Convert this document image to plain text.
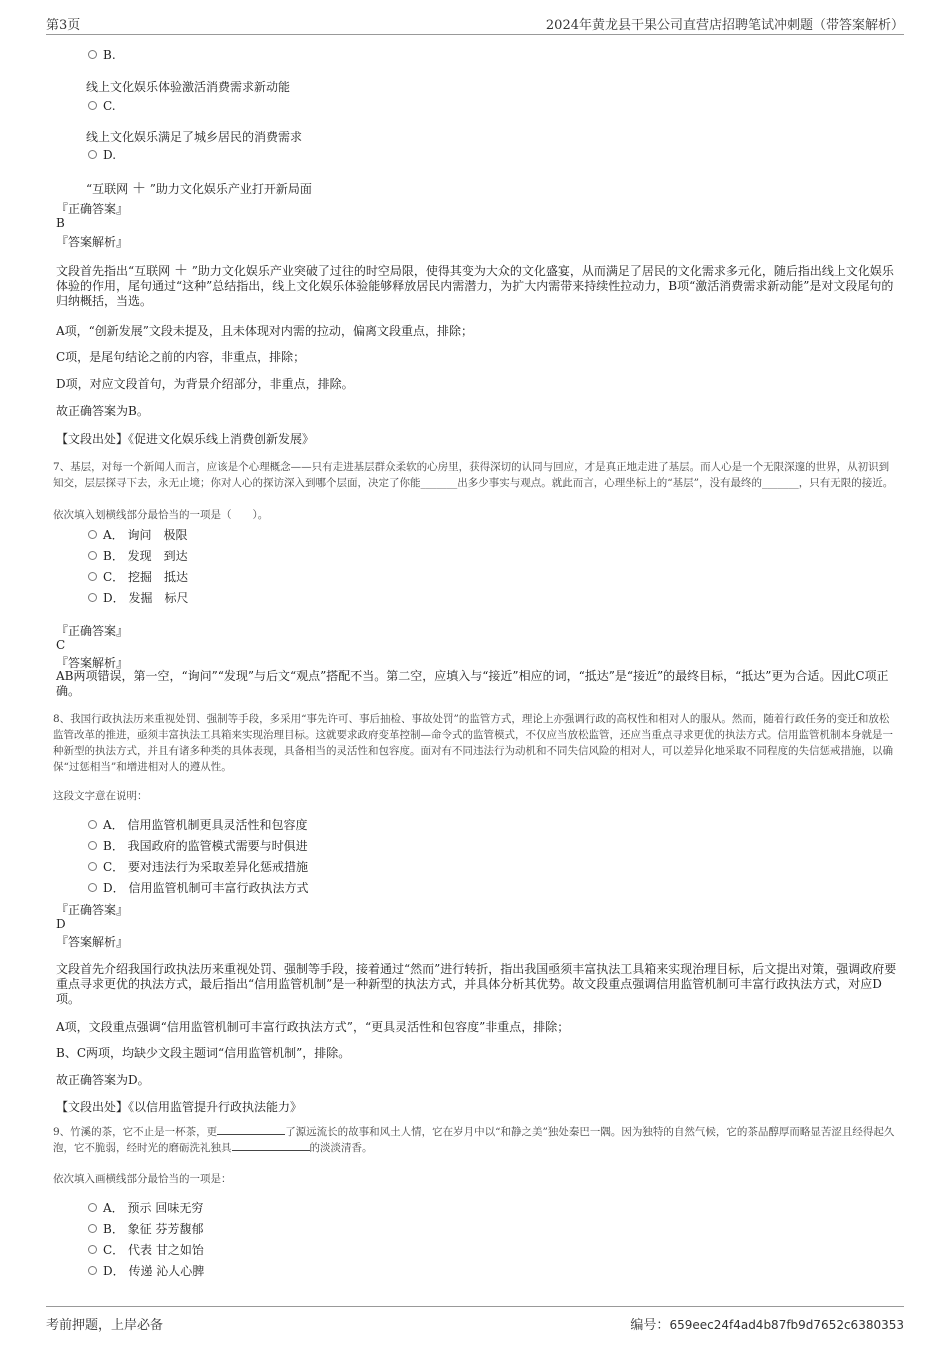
第3页	2024年黄龙县干果公司直营店招聘笔试冲刺题（带答案解析）
B.

线上文化娱乐体验激活消费需求新动能

C.

线上文化娱乐满足了城乡居民的消费需求

D.

“互联网 ＋ ”助力文化娱乐产业打开新局面

『正确答案』

B

『答案解析』

文段首先指出“互联网 ＋ ”助力文化娱乐产业突破了过往的时空局限，使得其变为大众的文化盛宴，从而满足了居民的文化需求多元化，随后指出线上文化娱乐体验的作用，尾句通过“这种”总结指出，线上文化娱乐体验能够释放居民内需潜力，为扩大内需带来持续性拉动力，B项“激活消费需求新动能”是对文段尾句的归纳概括，当选。

A项，“创新发展”文段未提及，且未体现对内需的拉动，偏离文段重点，排除；

C项，是尾句结论之前的内容，非重点，排除；

D项，对应文段首句，为背景介绍部分，非重点，排除。

故正确答案为B。

【文段出处】《促进文化娱乐线上消费创新发展》

7、基层，对每一个新闻人而言，应该是个心理概念——只有走进基层群众柔软的心房里，获得深切的认同与回应，才是真正地走进了基层。而人心是一个无限深邃的世界，从初识到知交，层层探寻下去，永无止境；你对人心的探访深入到哪个层面，决定了你能_______出多少事实与观点。就此而言，心理坐标上的“基层”，没有最终的_______，只有无限的接近。

依次填入划横线部分最恰当的一项是（　　）。

A． 询问　极限
B． 发现　到达
C． 挖掘　抵达
D． 发掘　标尺

『正确答案』

C

『答案解析』

AB两项错误，第一空，“询问”“发现”与后文“观点”搭配不当。第二空，应填入与“接近”相应的词，“抵达”是“接近”的最终目标，“抵达”更为合适。因此C项正确。

8、我国行政执法历来重视处罚、强制等手段，多采用“事先许可、事后抽检、事故处罚”的监管方式，理论上亦强调行政的高权性和相对人的服从。然而，随着行政任务的变迁和放松监管改革的推进，亟须丰富执法工具箱来实现治理目标。这就要求政府变革控制—命令式的监管模式，不仅应当放松监管，还应当重点寻求更优的执法方式。信用监管机制本身就是一种新型的执法方式，并且有诸多种类的具体表现，具备相当的灵活性和包容度。面对有不同违法行为动机和不同失信风险的相对人，可以差异化地采取不同程度的失信惩戒措施，以确保“过惩相当”和增进相对人的遵从性。

这段文字意在说明：

A． 信用监管机制更具灵活性和包容度
B． 我国政府的监管模式需要与时俱进
C． 要对违法行为采取差异化惩戒措施
D． 信用监管机制可丰富行政执法方式

『正确答案』

D

『答案解析』

文段首先介绍我国行政执法历来重视处罚、强制等手段，接着通过“然而”进行转折，指出我国亟须丰富执法工具箱来实现治理目标，后文提出对策，强调政府要重点寻求更优的执法方式，最后指出“信用监管机制”是一种新型的执法方式，并具体分析其优势。故文段重点强调信用监管机制可丰富行政执法方式，对应D项。

A项，文段重点强调“信用监管机制可丰富行政执法方式”，“更具灵活性和包容度”非重点，排除；

B、C两项，均缺少文段主题词“信用监管机制”，排除。

故正确答案为D。

【文段出处】《以信用监管提升行政执法能力》

9、竹溪的茶，它不止是一杯茶，更	了源远流长的故事和风土人情，它在岁月中以“和静之美”独处秦巴一隅。因为独特的自然气候，它的茶品醇厚而略显苦涩且经得起久泡，它不脆弱，经时光的磨砺洗礼独具	的淡淡清香。

依次填入画横线部分最恰当的一项是：

A． 预示 回味无穷
B． 象征 芬芳馥郁
C． 代表 甘之如饴
D． 传递 沁人心脾
考前押题，上岸必备	编号：659eec24f4ad4b87fb9d7652c6380353
